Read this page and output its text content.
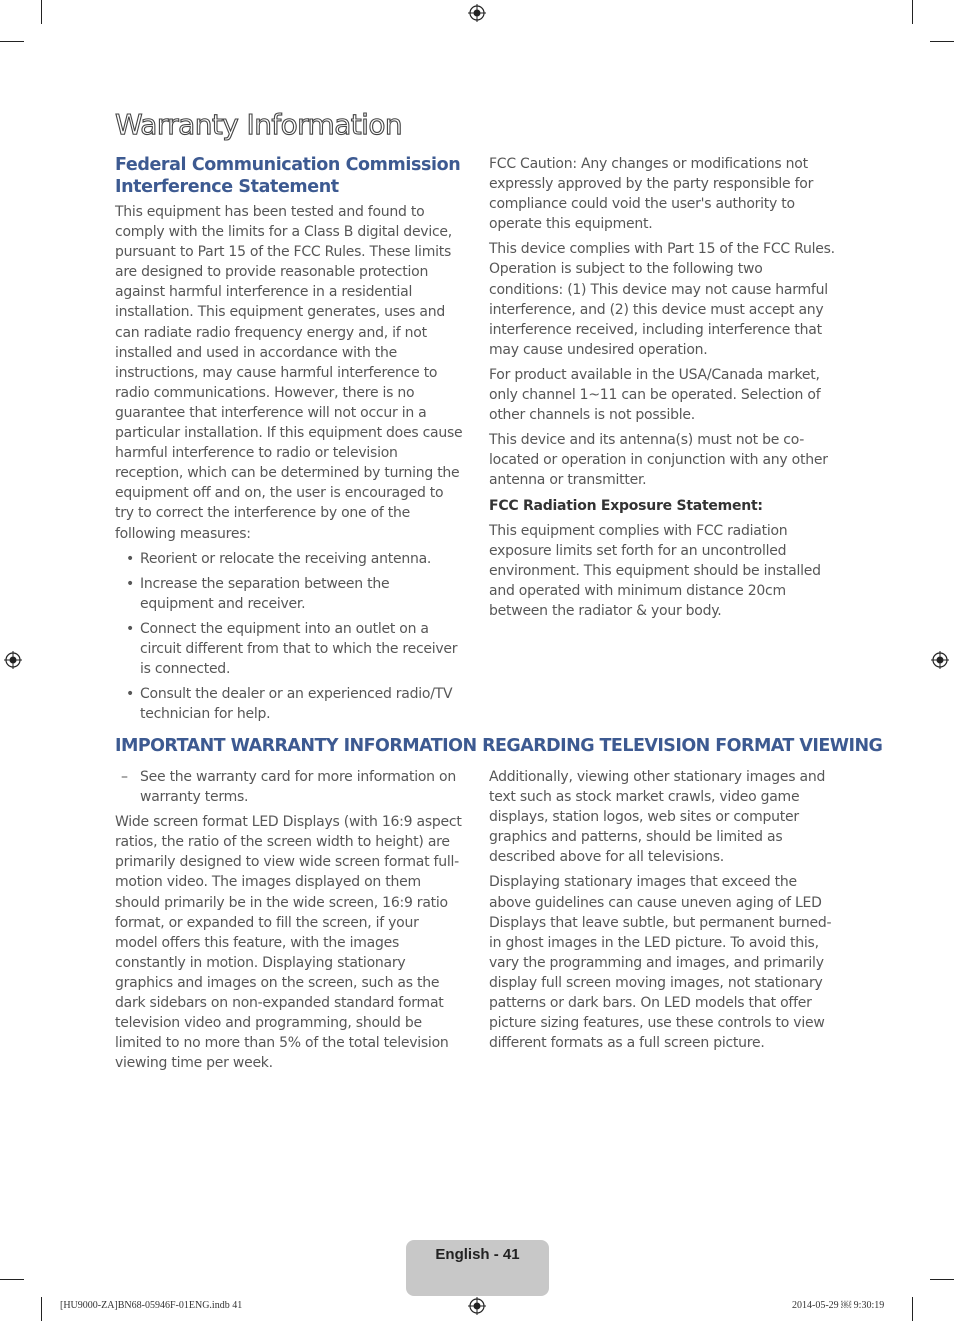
Warranty Information
Federal Communication Commission Interference Statement

This equipment has been tested and found to comply with the limits for a Class B digital device, pursuant to Part 15 of the FCC Rules. These limits are designed to provide reasonable protection against harmful interference in a residential installation. This equipment generates, uses and can radiate radio frequency energy and, if not installed and used in accordance with the instructions, may cause harmful interference to radio communications. However, there is no guarantee that interference will not occur in a particular installation. If this equipment does cause harmful interference to radio or television reception, which can be determined by turning the equipment off and on, the user is encouraged to try to correct the interference by one of the following measures:

• Reorient or relocate the receiving antenna.
• Increase the separation between the equipment and receiver.
• Connect the equipment into an outlet on a circuit different from that to which the receiver is connected.
• Consult the dealer or an experienced radio/TV technician for help.

FCC Caution: Any changes or modifications not expressly approved by the party responsible for compliance could void the user's authority to operate this equipment.

This device complies with Part 15 of the FCC Rules. Operation is subject to the following two conditions: (1) This device may not cause harmful interference, and (2) this device must accept any interference received, including interference that may cause undesired operation.

For product available in the USA/Canada market, only channel 1~11 can be operated. Selection of other channels is not possible.

This device and its antenna(s) must not be co-located or operation in conjunction with any other antenna or transmitter.

FCC Radiation Exposure Statement:

This equipment complies with FCC radiation exposure limits set forth for an uncontrolled environment. This equipment should be installed and operated with minimum distance 20cm between the radiator & your body.

IMPORTANT WARRANTY INFORMATION REGARDING TELEVISION FORMAT VIEWING
– See the warranty card for more information on warranty terms.

Wide screen format LED Displays (with 16:9 aspect ratios, the ratio of the screen width to height) are primarily designed to view wide screen format full-motion video. The images displayed on them should primarily be in the wide screen, 16:9 ratio format, or expanded to fill the screen, if your model offers this feature, with the images constantly in motion. Displaying stationary graphics and images on the screen, such as the dark sidebars on non-expanded standard format television video and programming, should be limited to no more than 5% of the total television viewing time per week.

Additionally, viewing other stationary images and text such as stock market crawls, video game displays, station logos, web sites or computer graphics and patterns, should be limited as described above for all televisions.

Displaying stationary images that exceed the above guidelines can cause uneven aging of LED Displays that leave subtle, but permanent burned-in ghost images in the LED picture. To avoid this, vary the programming and images, and primarily display full screen moving images, not stationary patterns or dark bars. On LED models that offer picture sizing features, use these controls to view different formats as a full screen picture.

English - 41
[HU9000-ZA]BN68-05946F-01ENG.indb 41	2014-05-29 ￼ 9:30:19
